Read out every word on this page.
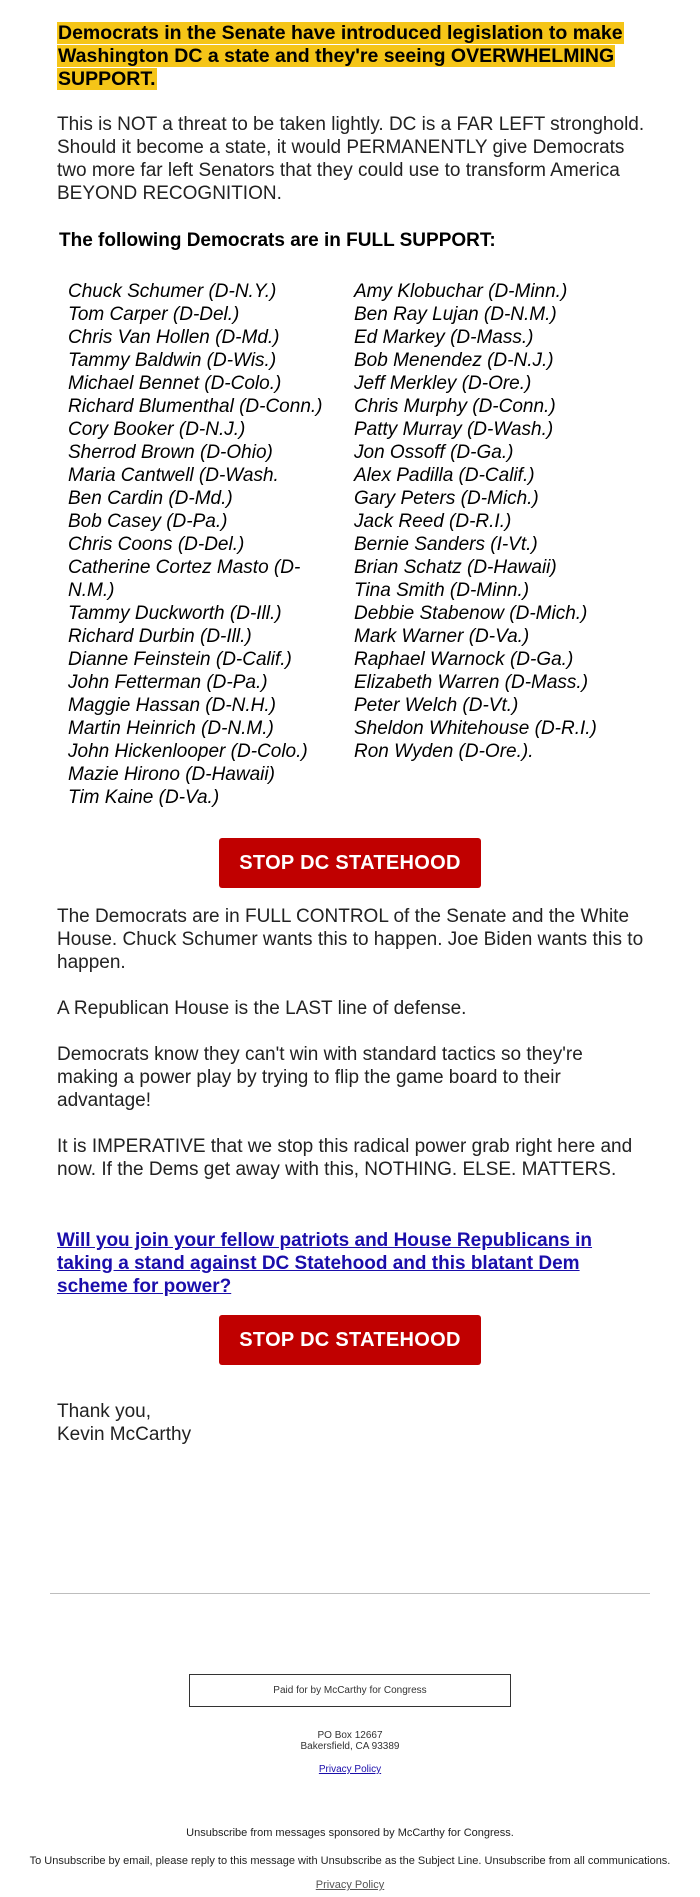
Democrats in the Senate have introduced legislation to make Washington DC a state and they're seeing OVERWHELMING SUPPORT.

This is NOT a threat to be taken lightly. DC is a FAR LEFT stronghold. Should it become a state, it would PERMANENTLY give Democrats two more far left Senators that they could use to transform America BEYOND RECOGNITION.

The following Democrats are in FULL SUPPORT:

Chuck Schumer (D-N.Y.)
Tom Carper (D-Del.)
Chris Van Hollen (D-Md.)
Tammy Baldwin (D-Wis.)
Michael Bennet (D-Colo.)
Richard Blumenthal (D-Conn.)
Cory Booker (D-N.J.)
Sherrod Brown (D-Ohio)
Maria Cantwell (D-Wash.
Ben Cardin (D-Md.)
Bob Casey (D-Pa.)
Chris Coons (D-Del.)
Catherine Cortez Masto (D-N.M.)
Tammy Duckworth (D-Ill.)
Richard Durbin (D-Ill.)
Dianne Feinstein (D-Calif.)
John Fetterman (D-Pa.)
Maggie Hassan (D-N.H.)
Martin Heinrich (D-N.M.)
John Hickenlooper (D-Colo.)
Mazie Hirono (D-Hawaii)
Tim Kaine (D-Va.)
Amy Klobuchar (D-Minn.)
Ben Ray Lujan (D-N.M.)
Ed Markey (D-Mass.)
Bob Menendez (D-N.J.)
Jeff Merkley (D-Ore.)
Chris Murphy (D-Conn.)
Patty Murray (D-Wash.)
Jon Ossoff (D-Ga.)
Alex Padilla (D-Calif.)
Gary Peters (D-Mich.)
Jack Reed (D-R.I.)
Bernie Sanders (I-Vt.)
Brian Schatz (D-Hawaii)
Tina Smith (D-Minn.)
Debbie Stabenow (D-Mich.)
Mark Warner (D-Va.)
Raphael Warnock (D-Ga.)
Elizabeth Warren (D-Mass.)
Peter Welch (D-Vt.)
Sheldon Whitehouse (D-R.I.)
Ron Wyden (D-Ore.).
STOP DC STATEHOOD

The Democrats are in FULL CONTROL of the Senate and the White House. Chuck Schumer wants this to happen. Joe Biden wants this to happen.

A Republican House is the LAST line of defense.

Democrats know they can't win with standard tactics so they're making a power play by trying to flip the game board to their advantage!

It is IMPERATIVE that we stop this radical power grab right here and now. If the Dems get away with this, NOTHING. ELSE. MATTERS.

Will you join your fellow patriots and House Republicans in taking a stand against DC Statehood and this blatant Dem scheme for power?
STOP DC STATEHOOD

Thank you,
Kevin McCarthy

Paid for by McCarthy for Congress
PO Box 12667
Bakersfield, CA 93389
Privacy Policy
Unsubscribe from messages sponsored by McCarthy for Congress.
To Unsubscribe by email, please reply to this message with Unsubscribe as the Subject Line. Unsubscribe from all communications.
Privacy Policy
